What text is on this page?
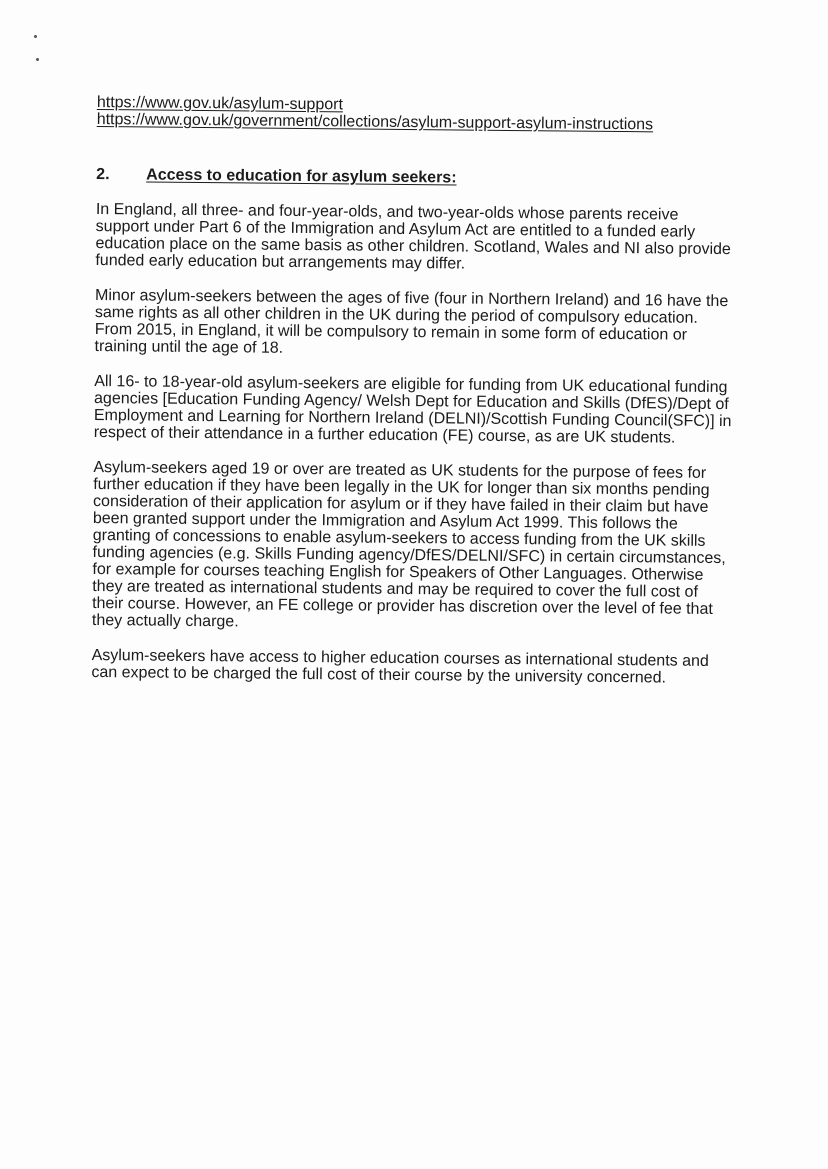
https://www.gov.uk/asylum-support
https://www.gov.uk/government/collections/asylum-support-asylum-instructions
2.	Access to education for asylum seekers:

In England, all three- and four-year-olds, and two-year-olds whose parents receive support under Part 6 of the Immigration and Asylum Act are entitled to a funded early education place on the same basis as other children. Scotland, Wales and NI also provide funded early education but arrangements may differ.

Minor asylum-seekers between the ages of five (four in Northern Ireland) and 16 have the same rights as all other children in the UK during the period of compulsory education. From 2015, in England, it will be compulsory to remain in some form of education or training until the age of 18.

All 16- to 18-year-old asylum-seekers are eligible for funding from UK educational funding agencies [Education Funding Agency/ Welsh Dept for Education and Skills (DfES)/Dept of Employment and Learning for Northern Ireland (DELNI)/Scottish Funding Council(SFC)] in respect of their attendance in a further education (FE) course, as are UK students.

Asylum-seekers aged 19 or over are treated as UK students for the purpose of fees for further education if they have been legally in the UK for longer than six months pending consideration of their application for asylum or if they have failed in their claim but have been granted support under the Immigration and Asylum Act 1999. This follows the granting of concessions to enable asylum-seekers to access funding from the UK skills funding agencies (e.g. Skills Funding agency/DfES/DELNI/SFC) in certain circumstances, for example for courses teaching English for Speakers of Other Languages. Otherwise they are treated as international students and may be required to cover the full cost of their course. However, an FE college or provider has discretion over the level of fee that they actually charge.

Asylum-seekers have access to higher education courses as international students and can expect to be charged the full cost of their course by the university concerned.
